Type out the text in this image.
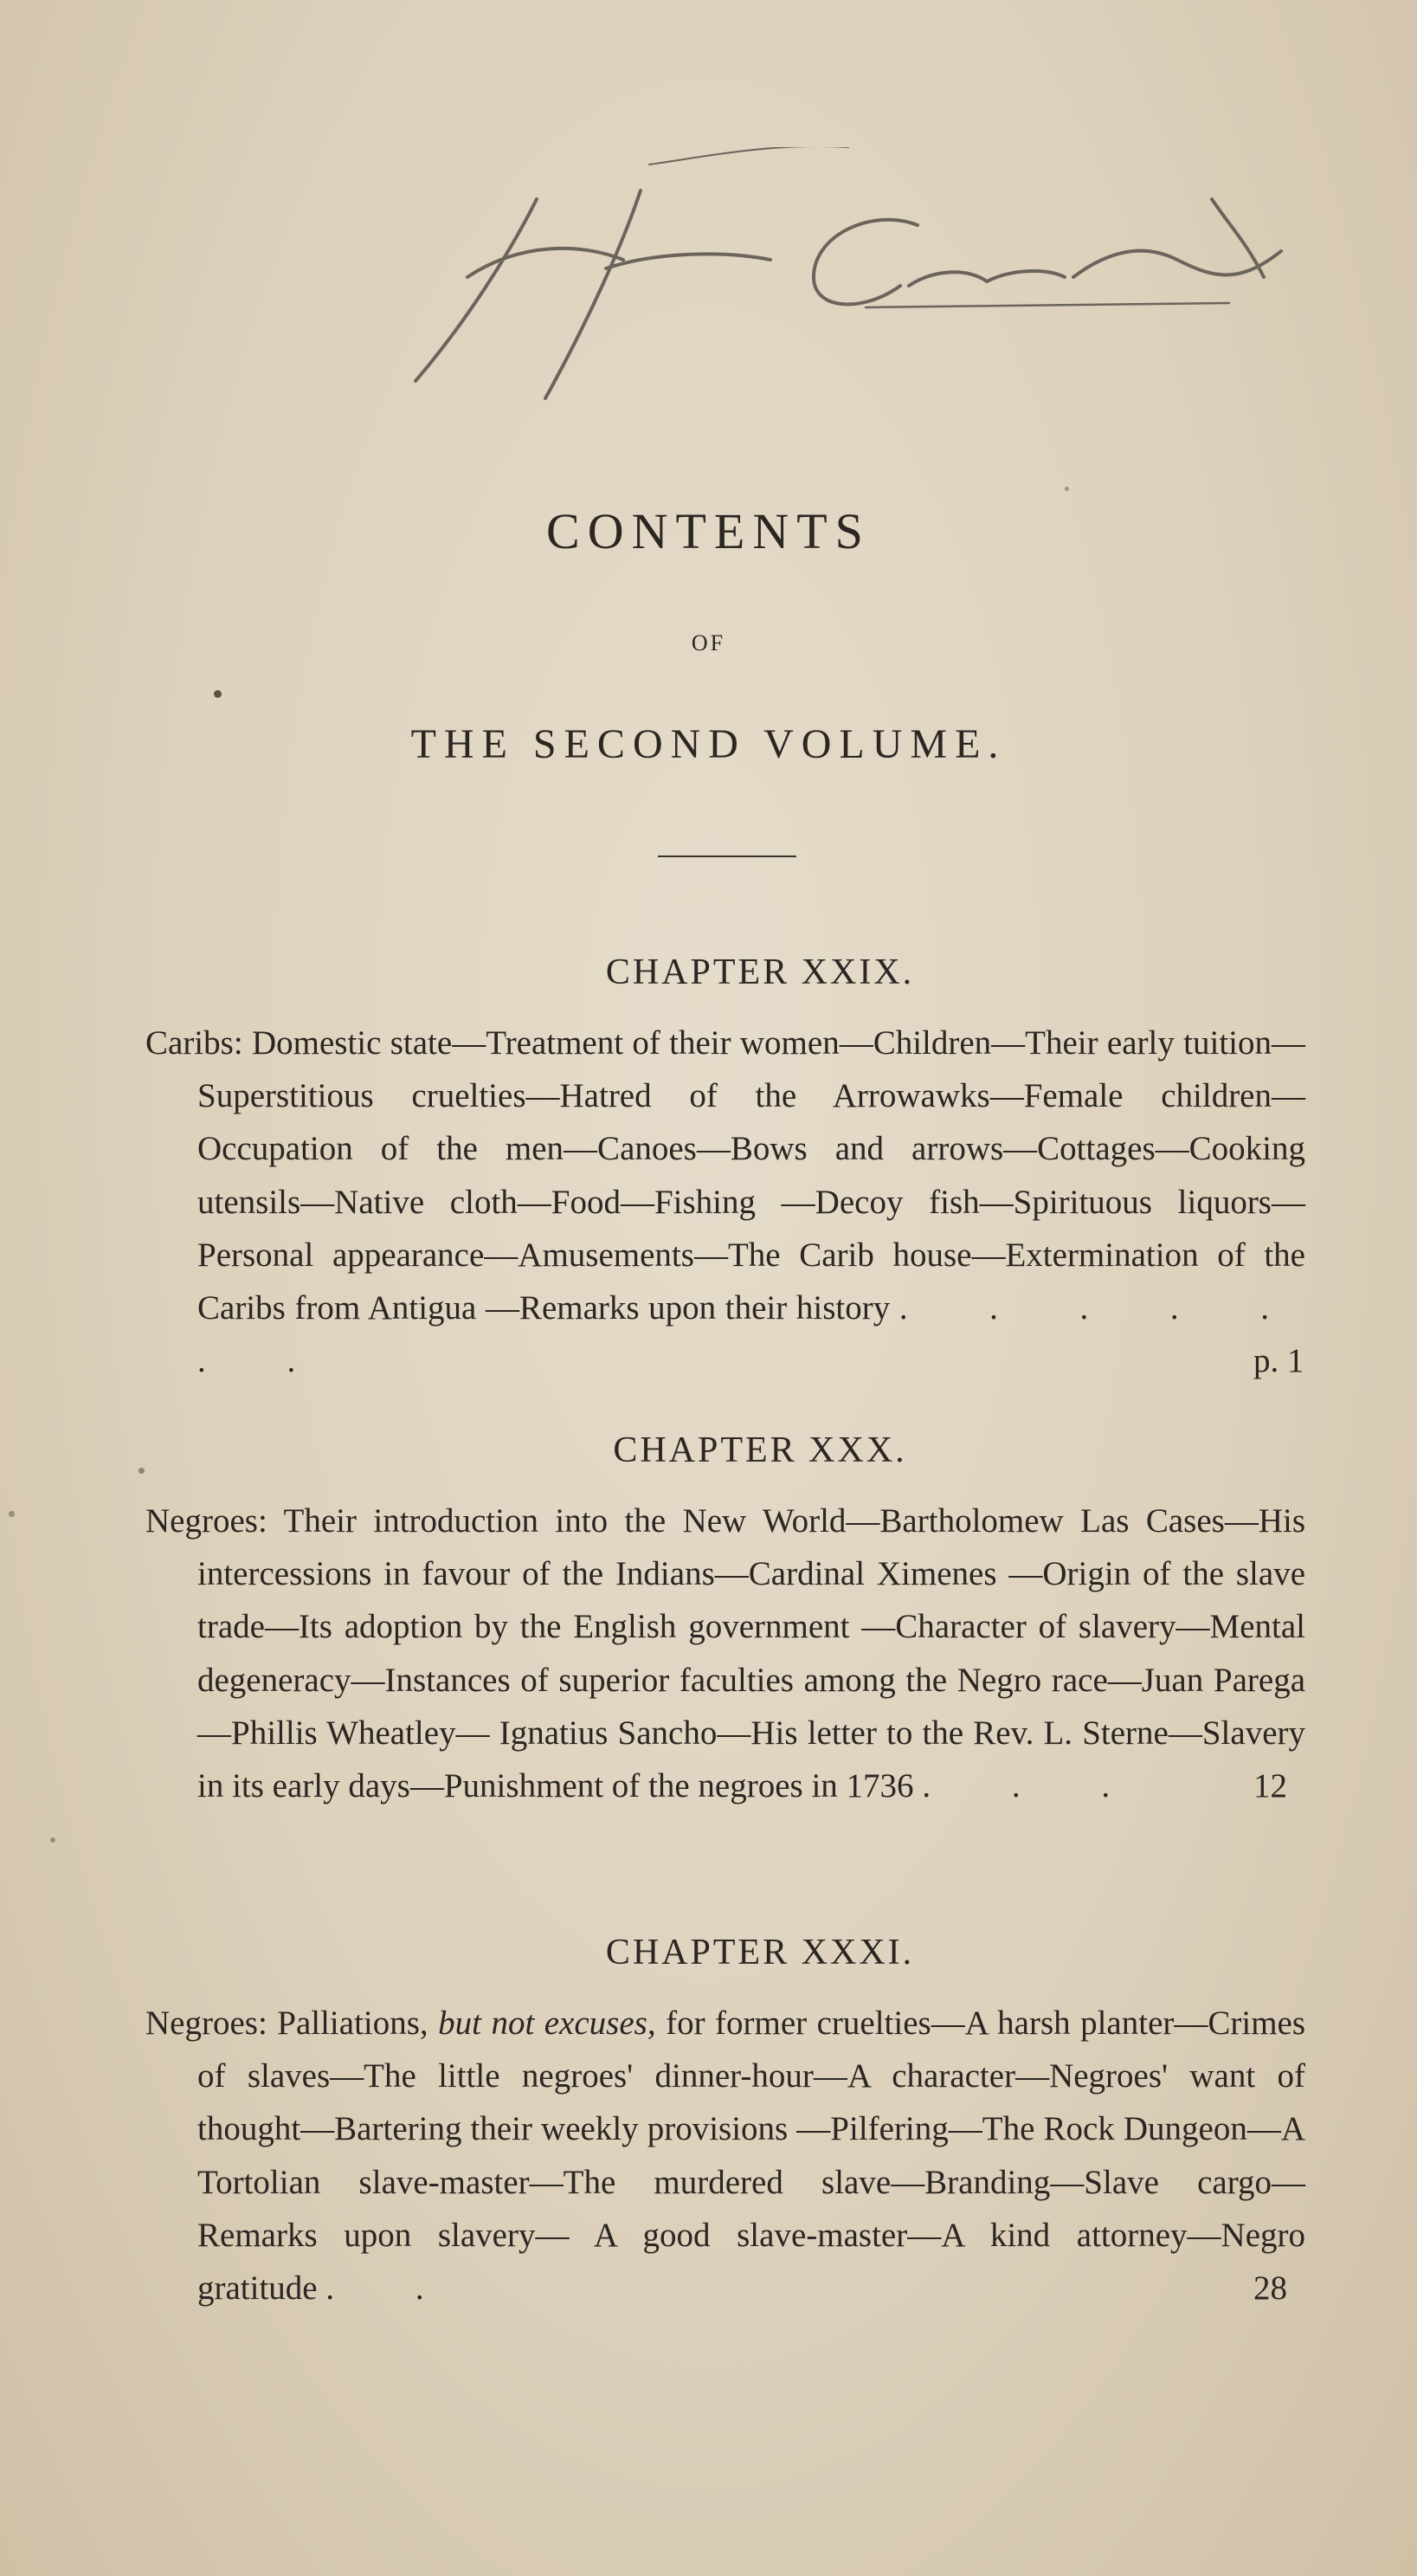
CONTENTS
OF
THE SECOND VOLUME.
CHAPTER XXIX.

Caribs: Domestic state—Treatment of their women—Children—Their early tuition—Superstitious cruelties—Hatred of the Arrowawks—Female children—Occupation of the men—Canoes—Bows and arrows—Cottages—Cooking utensils—Native cloth—Food—Fishing —Decoy fish—Spirituous liquors—Personal appearance—Amusements—The Carib house—Extermination of the Caribs from Antigua —Remarks upon their history . . . . . . .	p. 1

CHAPTER XXX.

Negroes: Their introduction into the New World—Bartholomew Las Cases—His intercessions in favour of the Indians—Cardinal Ximenes —Origin of the slave trade—Its adoption by the English government —Character of slavery—Mental degeneracy—Instances of superior faculties among the Negro race—Juan Parega—Phillis Wheatley— Ignatius Sancho—His letter to the Rev. L. Sterne—Slavery in its early days—Punishment of the negroes in 1736 . . .	12

CHAPTER XXXI.

Negroes: Palliations, but not excuses, for former cruelties—A harsh planter—Crimes of slaves—The little negroes' dinner-hour—A character—Negroes' want of thought—Bartering their weekly provisions —Pilfering—The Rock Dungeon—A Tortolian slave-master—The murdered slave—Branding—Slave cargo—Remarks upon slavery— A good slave-master—A kind attorney—Negro gratitude . .	28
